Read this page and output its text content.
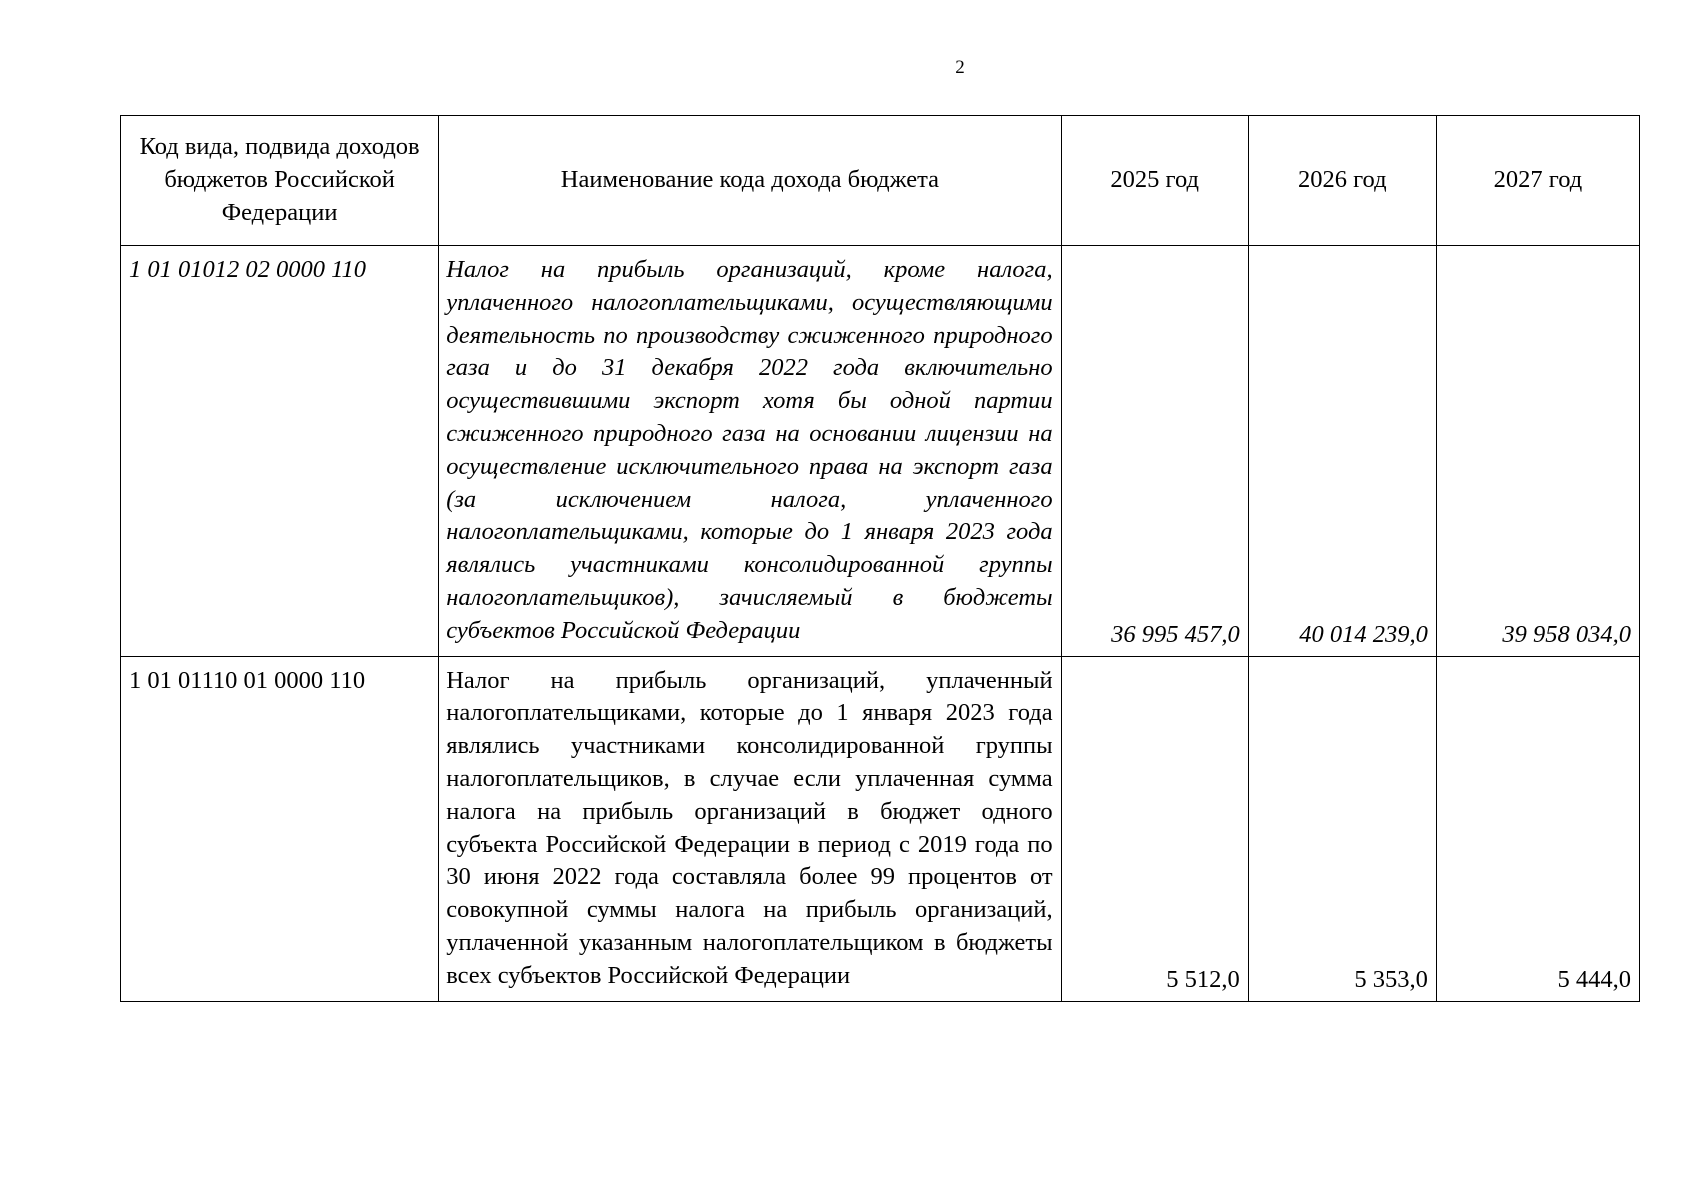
2
Код вида, подвида доходов бюджетов Российской Федерации	Наименование кода дохода бюджета	2025 год	2026 год	2027 год
1 01 01012 02 0000 110	Налог на прибыль организаций, кроме налога, уплаченного налогоплательщиками, осуществляющими деятельность по производству сжиженного природного газа и до 31 декабря 2022 года включительно осуществившими экспорт хотя бы одной партии сжиженного природного газа на основании лицензии на осуществление исключительного права на экспорт газа (за исключением налога, уплаченного налогоплательщиками, которые до 1 января 2023 года являлись участниками консолидированной группы налогоплательщиков), зачисляемый в бюджеты субъектов Российской Федерации	36 995 457,0	40 014 239,0	39 958 034,0
1 01 01110 01 0000 110	Налог на прибыль организаций, уплаченный налогоплательщиками, которые до 1 января 2023 года являлись участниками консолидированной группы налогоплательщиков, в случае если уплаченная сумма налога на прибыль организаций в бюджет одного субъекта Российской Федерации в период с 2019 года по 30 июня 2022 года составляла более 99 процентов от совокупной суммы налога на прибыль организаций, уплаченной указанным налогоплательщиком в бюджеты всех субъектов Российской Федерации	5 512,0	5 353,0	5 444,0
